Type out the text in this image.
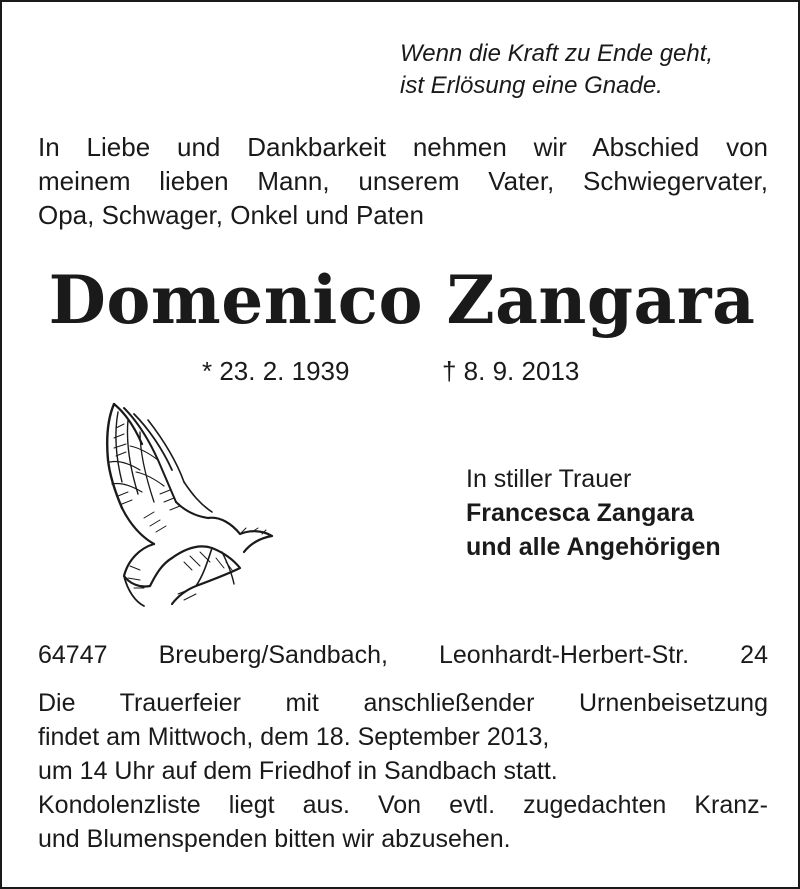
Wenn die Kraft zu Ende geht,
ist Erlösung eine Gnade.
In Liebe und Dankbarkeit nehmen wir Abschied von
meinem lieben Mann, unserem Vater, Schwiegervater,
Opa, Schwager, Onkel und Paten
Domenico Zangara
* 23. 2. 1939	† 8. 9. 2013
In stiller Trauer
Francesca Zangara
und alle Angehörigen
64747 Breuberg/Sandbach, Leonhardt-Herbert-Str. 24
Die Trauerfeier mit anschließender Urnenbeisetzung
findet am Mittwoch, dem 18. September 2013,
um 14 Uhr auf dem Friedhof in Sandbach statt.
Kondolenzliste liegt aus. Von evtl. zugedachten Kranz-
und Blumenspenden bitten wir abzusehen.
